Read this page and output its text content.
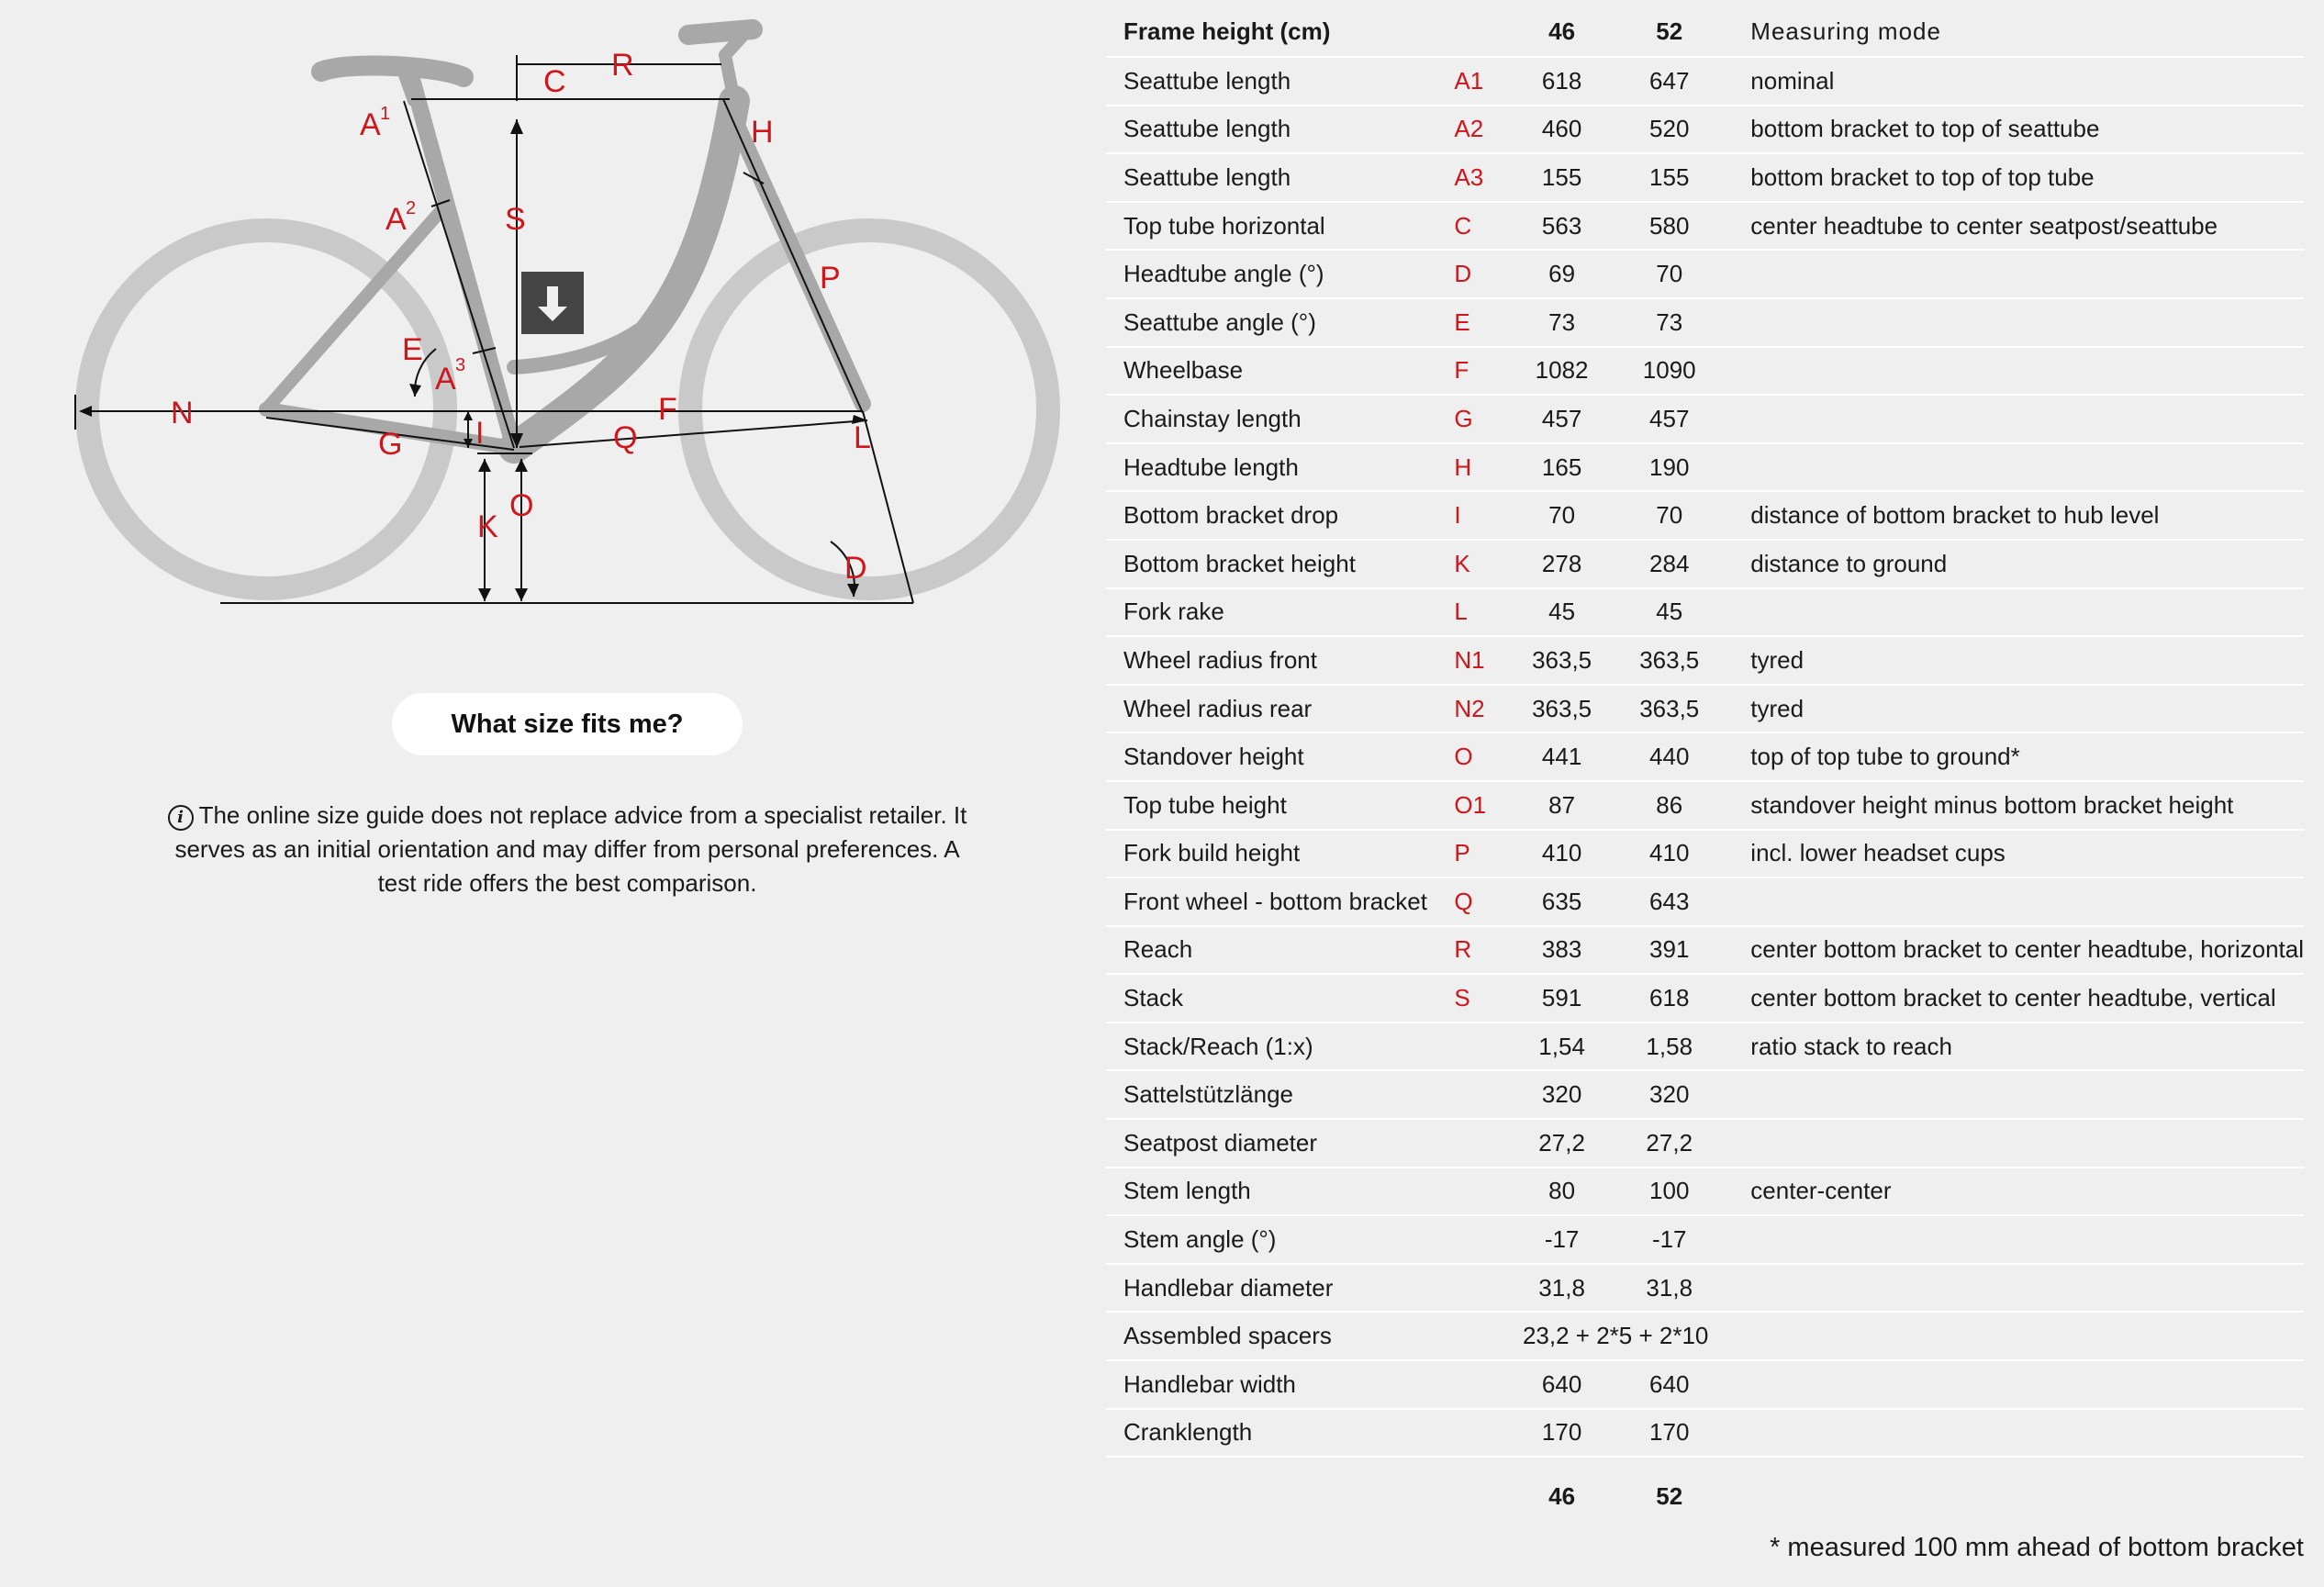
A 1
A 2
A 3
C R
H
S
P
E
N	F
G I	Q	L
K
O
D
What size fits me?
i The online size guide does not replace advice from a specialist retailer. It serves as an initial orientation and may differ from personal preferences. A test ride offers the best comparison.
Frame height (cm)		46	52	Measuring mode
Seattube length	A1	618	647	nominal
Seattube length	A2	460	520	bottom bracket to top of seattube
Seattube length	A3	155	155	bottom bracket to top of top tube
Top tube horizontal	C	563	580	center headtube to center seatpost/seattube
Headtube angle (°)	D	69	70	
Seattube angle (°)	E	73	73	
Wheelbase	F	1082	1090	
Chainstay length	G	457	457	
Headtube length	H	165	190	
Bottom bracket drop	I	70	70	distance of bottom bracket to hub level
Bottom bracket height	K	278	284	distance to ground
Fork rake	L	45	45	
Wheel radius front	N1	363,5	363,5	tyred
Wheel radius rear	N2	363,5	363,5	tyred
Standover height	O	441	440	top of top tube to ground*
Top tube height	O1	87	86	standover height minus bottom bracket height
Fork build height	P	410	410	incl. lower headset cups
Front wheel - bottom bracket	Q	635	643	
Reach	R	383	391	center bottom bracket to center headtube, horizontal
Stack	S	591	618	center bottom bracket to center headtube, vertical
Stack/Reach (1:x)		1,54	1,58	ratio stack to reach
Sattelstützlänge		320	320	
Seatpost diameter		27,2	27,2	
Stem length		80	100	center-center
Stem angle (°)		-17	-17	
Handlebar diameter		31,8	31,8	
Assembled spacers		23,2 + 2*5 + 2*10		
Handlebar width		640	640	
Cranklength		170	170	
		46	52	
* measured 100 mm ahead of bottom bracket
